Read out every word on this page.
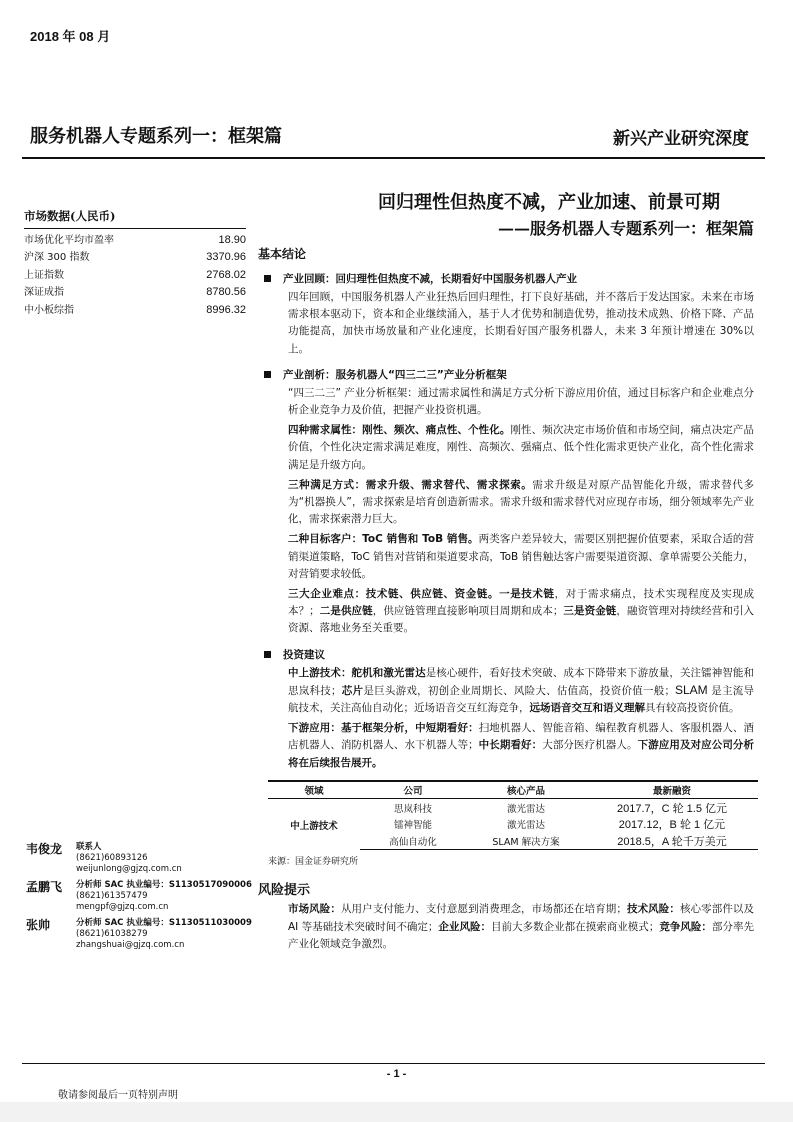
2018 年 08 月
服务机器人专题系列一：框架篇	新兴产业研究深度
市场数据(人民币)
市场优化平均市盈率	18.90
沪深 300 指数	3370.96
上证指数	2768.02
深证成指	8780.56
中小板综指	8996.32
韦俊龙 联系人
(8621)60893126
weijunlong@gjzq.com.cn
孟鹏飞 分析师 SAC 执业编号：S1130517090006
(8621)61357479
mengpf@gjzq.com.cn
张帅	分析师 SAC 执业编号：S1130511030009
(8621)61038279
zhangshuai@gjzq.com.cn
回归理性但热度不减，产业加速、前景可期
——服务机器人专题系列一：框架篇
基本结论
产业回顾：回归理性但热度不减，长期看好中国服务机器人产业
四年回顾，中国服务机器人产业狂热后回归理性，打下良好基础，并不落后于发达国家。未来在市场需求根本驱动下，资本和企业继续涌入，基于人才优势和制造优势，推动技术成熟、价格下降、产品功能提高，加快市场放量和产业化速度，长期看好国产服务机器人，未来 3 年预计增速在 30%以上。
产业剖析：服务机器人“四三二三”产业分析框架
“四三二三” 产业分析框架：通过需求属性和满足方式分析下游应用价值，通过目标客户和企业难点分析企业竞争力及价值，把握产业投资机遇。
四种需求属性：刚性、频次、痛点性、个性化。刚性、频次决定市场价值和市场空间，痛点决定产品价值，个性化决定需求满足难度，刚性、高频次、强痛点、低个性化需求更快产业化，高个性化需求满足是升级方向。
三种满足方式：需求升级、需求替代、需求探索。需求升级是对原产品智能化升级，需求替代多为“机器换人”，需求探索是培育创造新需求。需求升级和需求替代对应现存市场，细分领域率先产业化，需求探索潜力巨大。
二种目标客户：ToC 销售和 ToB 销售。两类客户差异较大，需要区别把握价值要素，采取合适的营销渠道策略，ToC 销售对营销和渠道要求高，ToB 销售触达客户需要渠道资源、拿单需要公关能力，对营销要求较低。
三大企业难点：技术链、供应链、资金链。一是技术链，对于需求痛点，技术实现程度及实现成本？；二是供应链，供应链管理直接影响项目周期和成本；三是资金链，融资管理对持续经营和引入资源、落地业务至关重要。
投资建议
中上游技术：舵机和激光雷达是核心硬件，看好技术突破、成本下降带来下游放量，关注镭神智能和思岚科技；芯片是巨头游戏，初创企业周期长、风险大、估值高，投资价值一般；SLAM 是主流导航技术，关注高仙自动化；近场语音交互红海竞争，远场语音交互和语义理解具有较高投资价值。
下游应用：基于框架分析，中短期看好：扫地机器人、智能音箱、编程教育机器人、客服机器人、酒店机器人、消防机器人、水下机器人等；中长期看好：大部分医疗机器人。下游应用及对应公司分析将在后续报告展开。
领域	公司	核心产品	最新融资
中上游技术	思岚科技	激光雷达	2017.7，C 轮 1.5 亿元
	镭神智能	激光雷达	2017.12，B 轮 1 亿元
	高仙自动化	SLAM 解决方案	2018.5，A 轮千万美元
来源：国金证券研究所
风险提示
市场风险：从用户支付能力、支付意愿到消费理念，市场都还在培育期；技术风险：核心零部件以及 AI 等基础技术突破时间不确定；企业风险：目前大多数企业都在摸索商业模式；竞争风险：部分率先产业化领域竞争激烈。
- 1 -
敬请参阅最后一页特别声明
